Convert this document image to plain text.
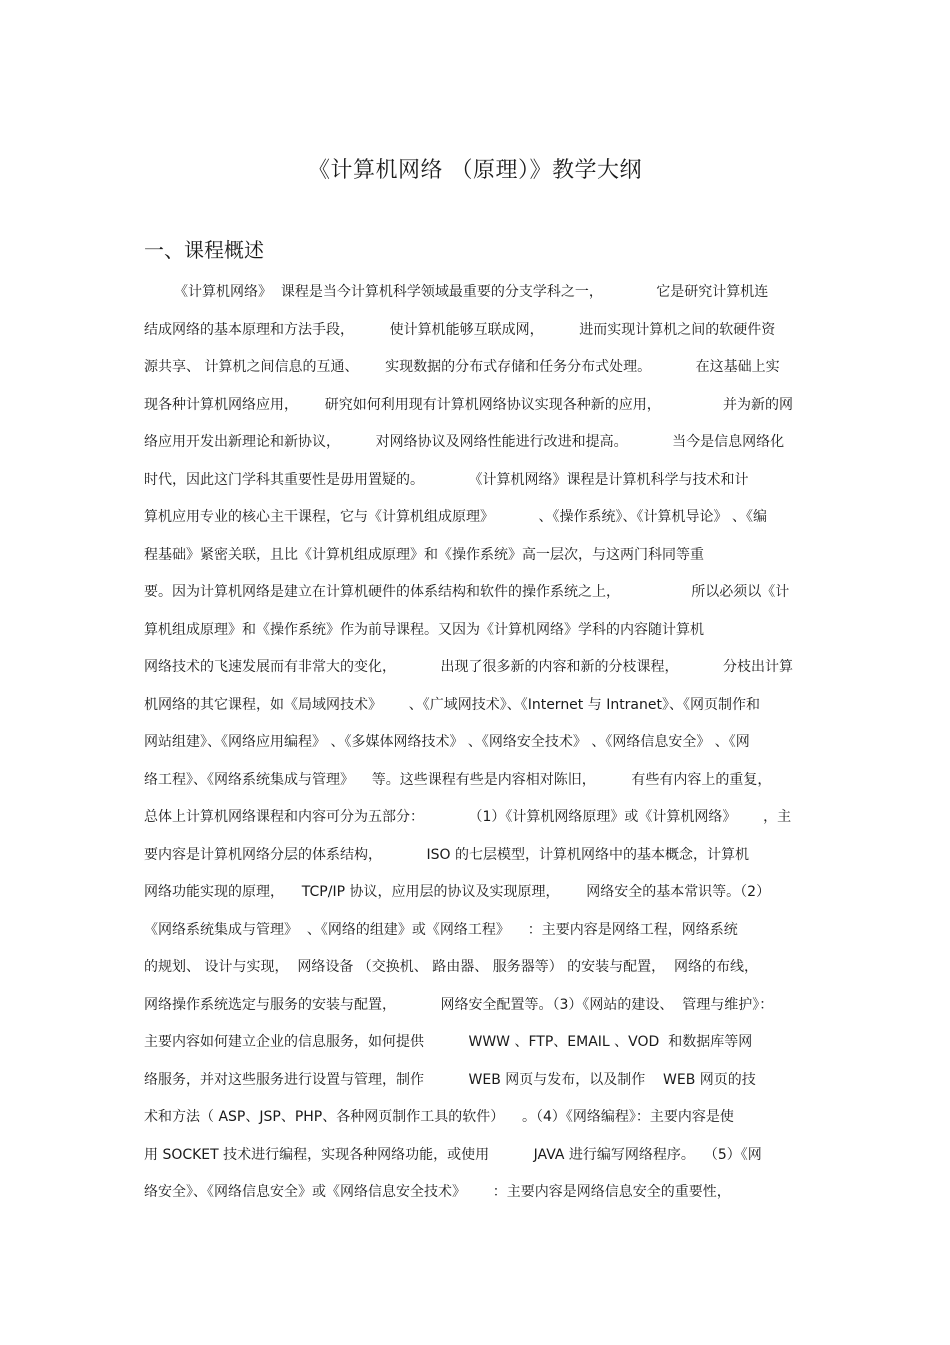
《计算机网络 （原理）》教学大纲
一、课程概述
《计算机网络》  课程是当今计算机科学领域最重要的分支学科之一，            它是研究计算机连
结成网络的基本原理和方法手段，        使计算机能够互联成网，        进而实现计算机之间的软硬件资
源共享、 计算机之间信息的互通、      实现数据的分布式存储和任务分布式处理。          在这基础上实
现各种计算机网络应用，      研究如何利用现有计算机网络协议实现各种新的应用，              并为新的网
络应用开发出新理论和新协议，        对网络协议及网络性能进行改进和提高。          当今是信息网络化
时代，因此这门学科其重要性是毋用置疑的。          《计算机网络》课程是计算机科学与技术和计
算机应用专业的核心主干课程，它与《计算机组成原理》          、《操作系统》、《计算机导论》 、《编
程基础》紧密关联，且比《计算机组成原理》和《操作系统》高一层次，与这两门科同等重
要。因为计算机网络是建立在计算机硬件的体系结构和软件的操作系统之上，                所以必须以《计
算机组成原理》和《操作系统》作为前导课程。又因为《计算机网络》学科的内容随计算机
网络技术的飞速发展而有非常大的变化，          出现了很多新的内容和新的分枝课程，          分枝出计算
机网络的其它课程，如《局域网技术》      、《广域网技术》、《Internet 与 Intranet》、《网页制作和
网站组建》、《网络应用编程》 、《多媒体网络技术》 、《网络安全技术》 、《网络信息安全》 、《网
络工程》、《网络系统集成与管理》    等。这些课程有些是内容相对陈旧，        有些有内容上的重复，
总体上计算机网络课程和内容可分为五部分：          （1）《计算机网络原理》或《计算机网络》      ，主
要内容是计算机网络分层的体系结构，          ISO 的七层模型，计算机网络中的基本概念，计算机
网络功能实现的原理，    TCP/IP 协议，应用层的协议及实现原理，      网络安全的基本常识等。（2）
《网络系统集成与管理》  、《网络的组建》或《网络工程》    ：主要内容是网络工程，网络系统
的规划、 设计与实现，  网络设备 （交换机、 路由器、 服务器等） 的安装与配置，  网络的布线，
网络操作系统选定与服务的安装与配置，          网络安全配置等。（3）《网站的建设、  管理与维护》：
主要内容如何建立企业的信息服务，如何提供          WWW 、FTP、EMAIL 、VOD  和数据库等网
络服务，并对这些服务进行设置与管理，制作          WEB 网页与发布，以及制作    WEB 网页的技
术和方法（ ASP、JSP、PHP、各种网页制作工具的软件）    。（4）《网络编程》：主要内容是使
用 SOCKET 技术进行编程，实现各种网络功能，或使用          JAVA 进行编写网络程序。  （5）《网
络安全》、《网络信息安全》或《网络信息安全技术》      ：主要内容是网络信息安全的重要性，
